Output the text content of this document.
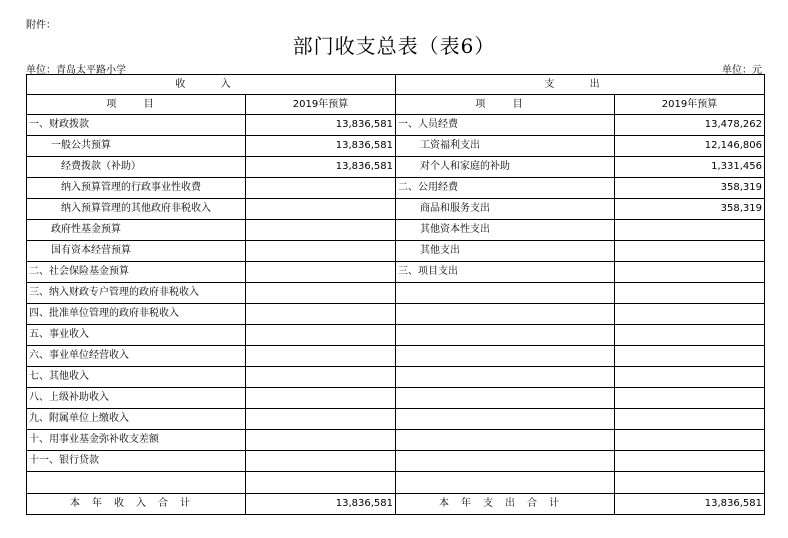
附件：
部门收支总表（表6）
单位：青岛太平路小学	单位：元
收 入		支 出	
项 目	2019年预算	项 目	2019年预算
一、财政拨款	13,836,581	一、人员经费	13,478,262
一般公共预算	13,836,581	工资福利支出	12,146,806
经费拨款（补助）	13,836,581	对个人和家庭的补助	1,331,456
纳入预算管理的行政事业性收费		二、公用经费	358,319
纳入预算管理的其他政府非税收入		商品和服务支出	358,319
政府性基金预算		其他资本性支出	
国有资本经营预算		其他支出	
二、社会保险基金预算		三、项目支出	
三、纳入财政专户管理的政府非税收入			
四、批准单位管理的政府非税收入			
五、事业收入			
六、事业单位经营收入			
七、其他收入			
八、上级补助收入			
九、附属单位上缴收入			
十、用事业基金弥补收支差额			
十一、银行贷款			

本年收入合计	13,836,581	本年支出合计	13,836,581
